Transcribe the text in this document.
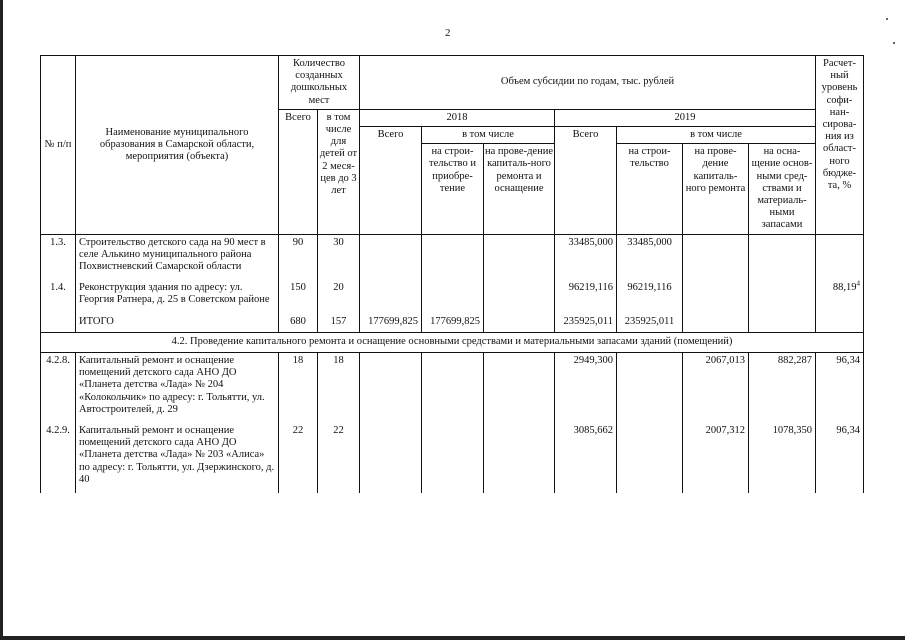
2
№ п/п	Наименование муниципального образования в Самарской области, мероприятия (объекта)	Количество созданных дошкольных мест		Объем субсидии по годам, тыс. рублей							Расчет-ный уровень софи-нан-сирова-ния из област-ного бюдже-та, %
		Всего	в том числе для детей от 2 меся-цев до 3 лет	2018			2019				
				Всего	в том числе		Всего	в том числе			
					на строи-тельство и приобре-тение	на прове-дение капиталь-ного ремонта и оснащение		на строи-тельство	на прове-дение капиталь-ного ремонта	на осна-щение основ-ными сред-ствами и материаль-ными запасами	
1.3.	Строительство детского сада на 90 мест в селе Алькино муниципального района Похвистневский Самарской области	90	30				33485,000	33485,000			
1.4.	Реконструкция здания по адресу: ул. Георгия Ратнера, д. 25 в Советском районе	150	20				96219,116	96219,116			88,19$^4$
	ИТОГО	680	157	177699,825	177699,825		235925,011	235925,011			
4.2. Проведение капитального ремонта и оснащение основными средствами и материальными запасами зданий (помещений)											
4.2.8.	Капитальный ремонт и оснащение помещений детского сада АНО ДО «Планета детства «Лада» № 204 «Колокольчик» по адресу: г. Тольятти, ул. Автостроителей, д. 29	18	18				2949,300		2067,013	882,287	96,34
4.2.9.	Капитальный ремонт и оснащение помещений детского сада АНО ДО «Планета детства «Лада» № 203 «Алиса» по адресу: г. Тольятти, ул. Дзержинского, д. 40	22	22				3085,662		2007,312	1078,350	96,34
